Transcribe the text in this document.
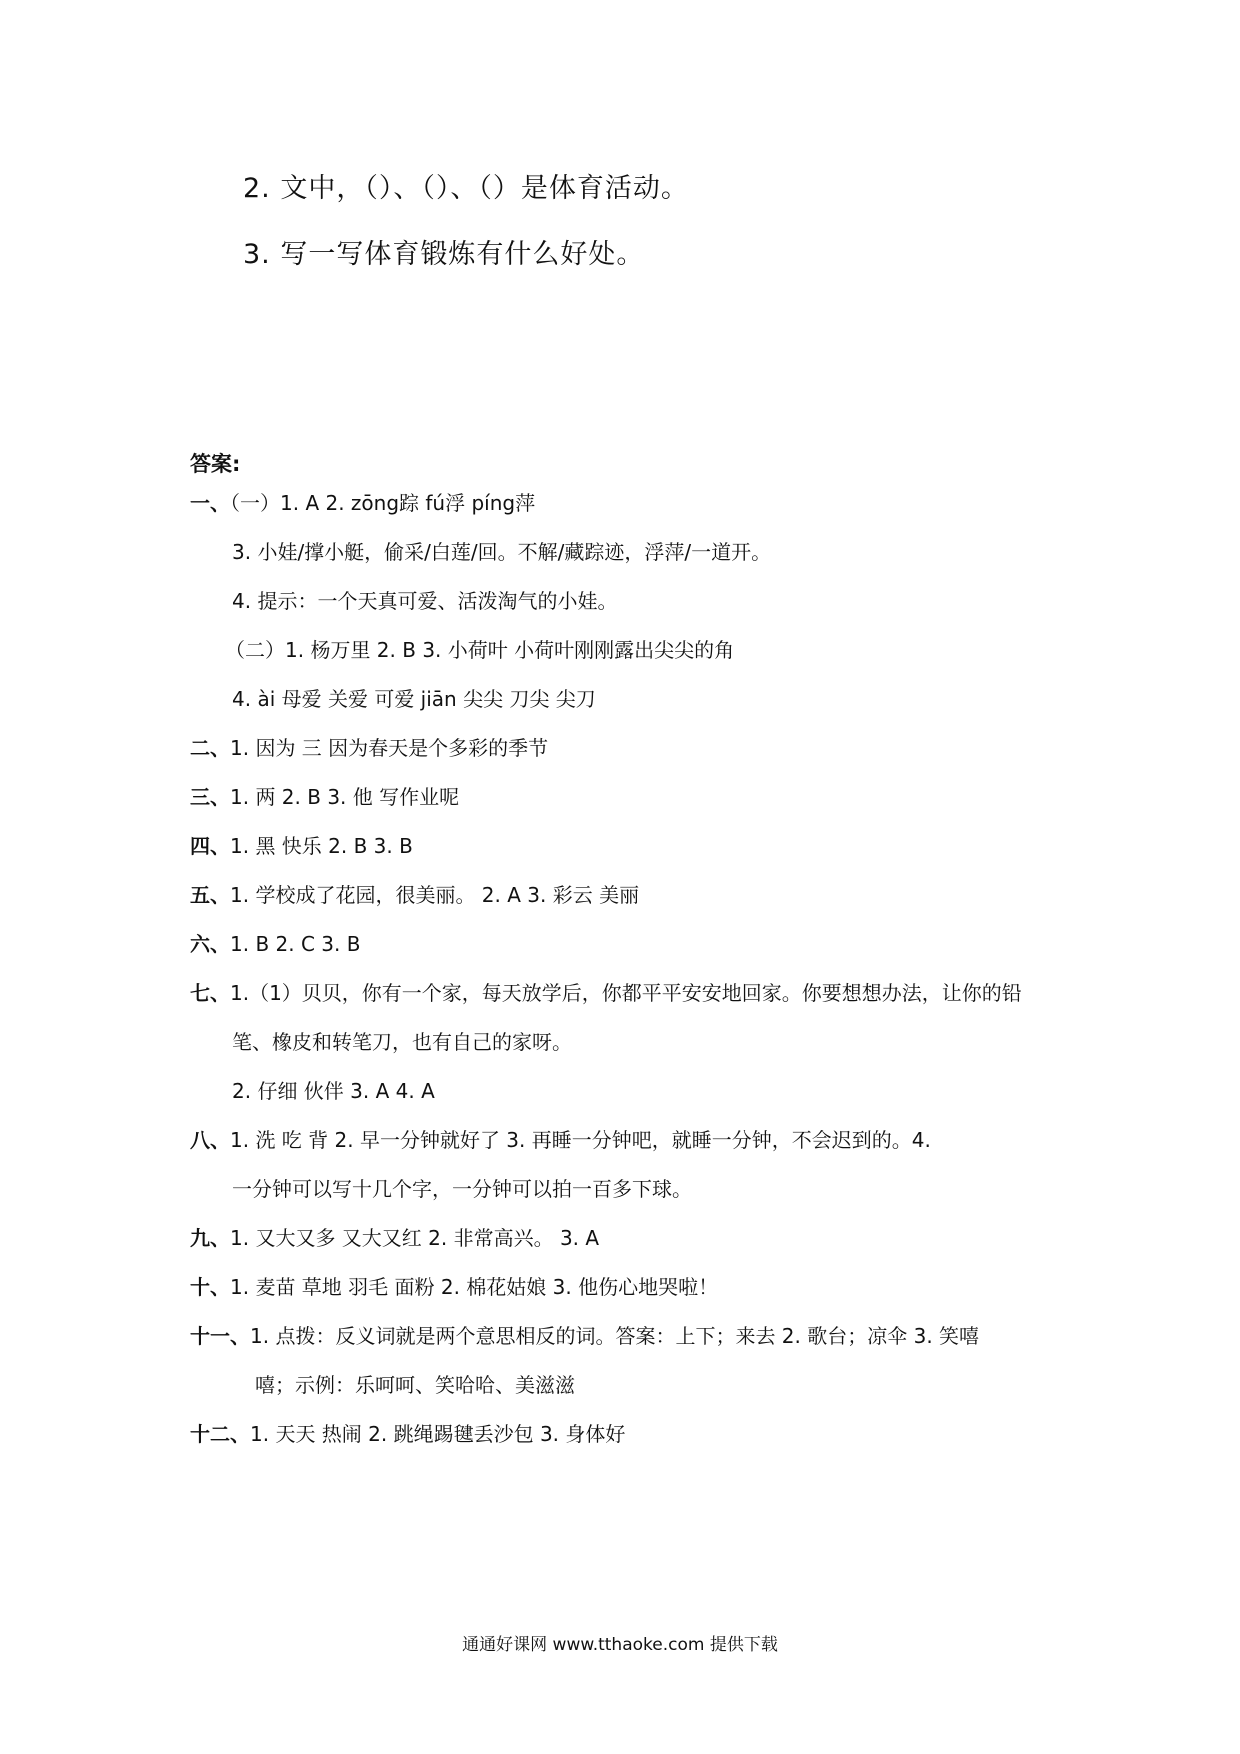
2. 文中，（）、（）、（）是体育活动。
3. 写一写体育锻炼有什么好处。
答案:
一、（一）1. A 2. zōng踪 fú浮 píng萍
3. 小娃/撑小艇，偷采/白莲/回。不解/藏踪迹，浮萍/一道开。
4. 提示：一个天真可爱、活泼淘气的小娃。
（二）1. 杨万里 2. B 3. 小荷叶 小荷叶刚刚露出尖尖的角
4. ài 母爱 关爱 可爱 jiān 尖尖 刀尖 尖刀
二、1. 因为 三 因为春天是个多彩的季节
三、1. 两 2. B 3. 他 写作业呢
四、1. 黑 快乐 2. B 3. B
五、1. 学校成了花园，很美丽。 2. A 3. 彩云 美丽
六、1. B 2. C 3. B
七、1.（1）贝贝，你有一个家，每天放学后，你都平平安安地回家。你要想想办法，让你的铅
笔、橡皮和转笔刀，也有自己的家呀。
2. 仔细 伙伴 3. A 4. A
八、1. 洗 吃 背 2. 早一分钟就好了 3. 再睡一分钟吧，就睡一分钟，不会迟到的。4.
一分钟可以写十几个字，一分钟可以拍一百多下球。
九、1. 又大又多 又大又红 2. 非常高兴。 3. A
十、1. 麦苗 草地 羽毛 面粉 2. 棉花姑娘 3. 他伤心地哭啦！
十一、1. 点拨：反义词就是两个意思相反的词。答案：上下；来去 2. 歌台；凉伞 3. 笑嘻
嘻；示例：乐呵呵、笑哈哈、美滋滋
十二、1. 天天 热闹 2. 跳绳踢毽丢沙包 3. 身体好
通通好课网 www.tthaoke.com 提供下载
